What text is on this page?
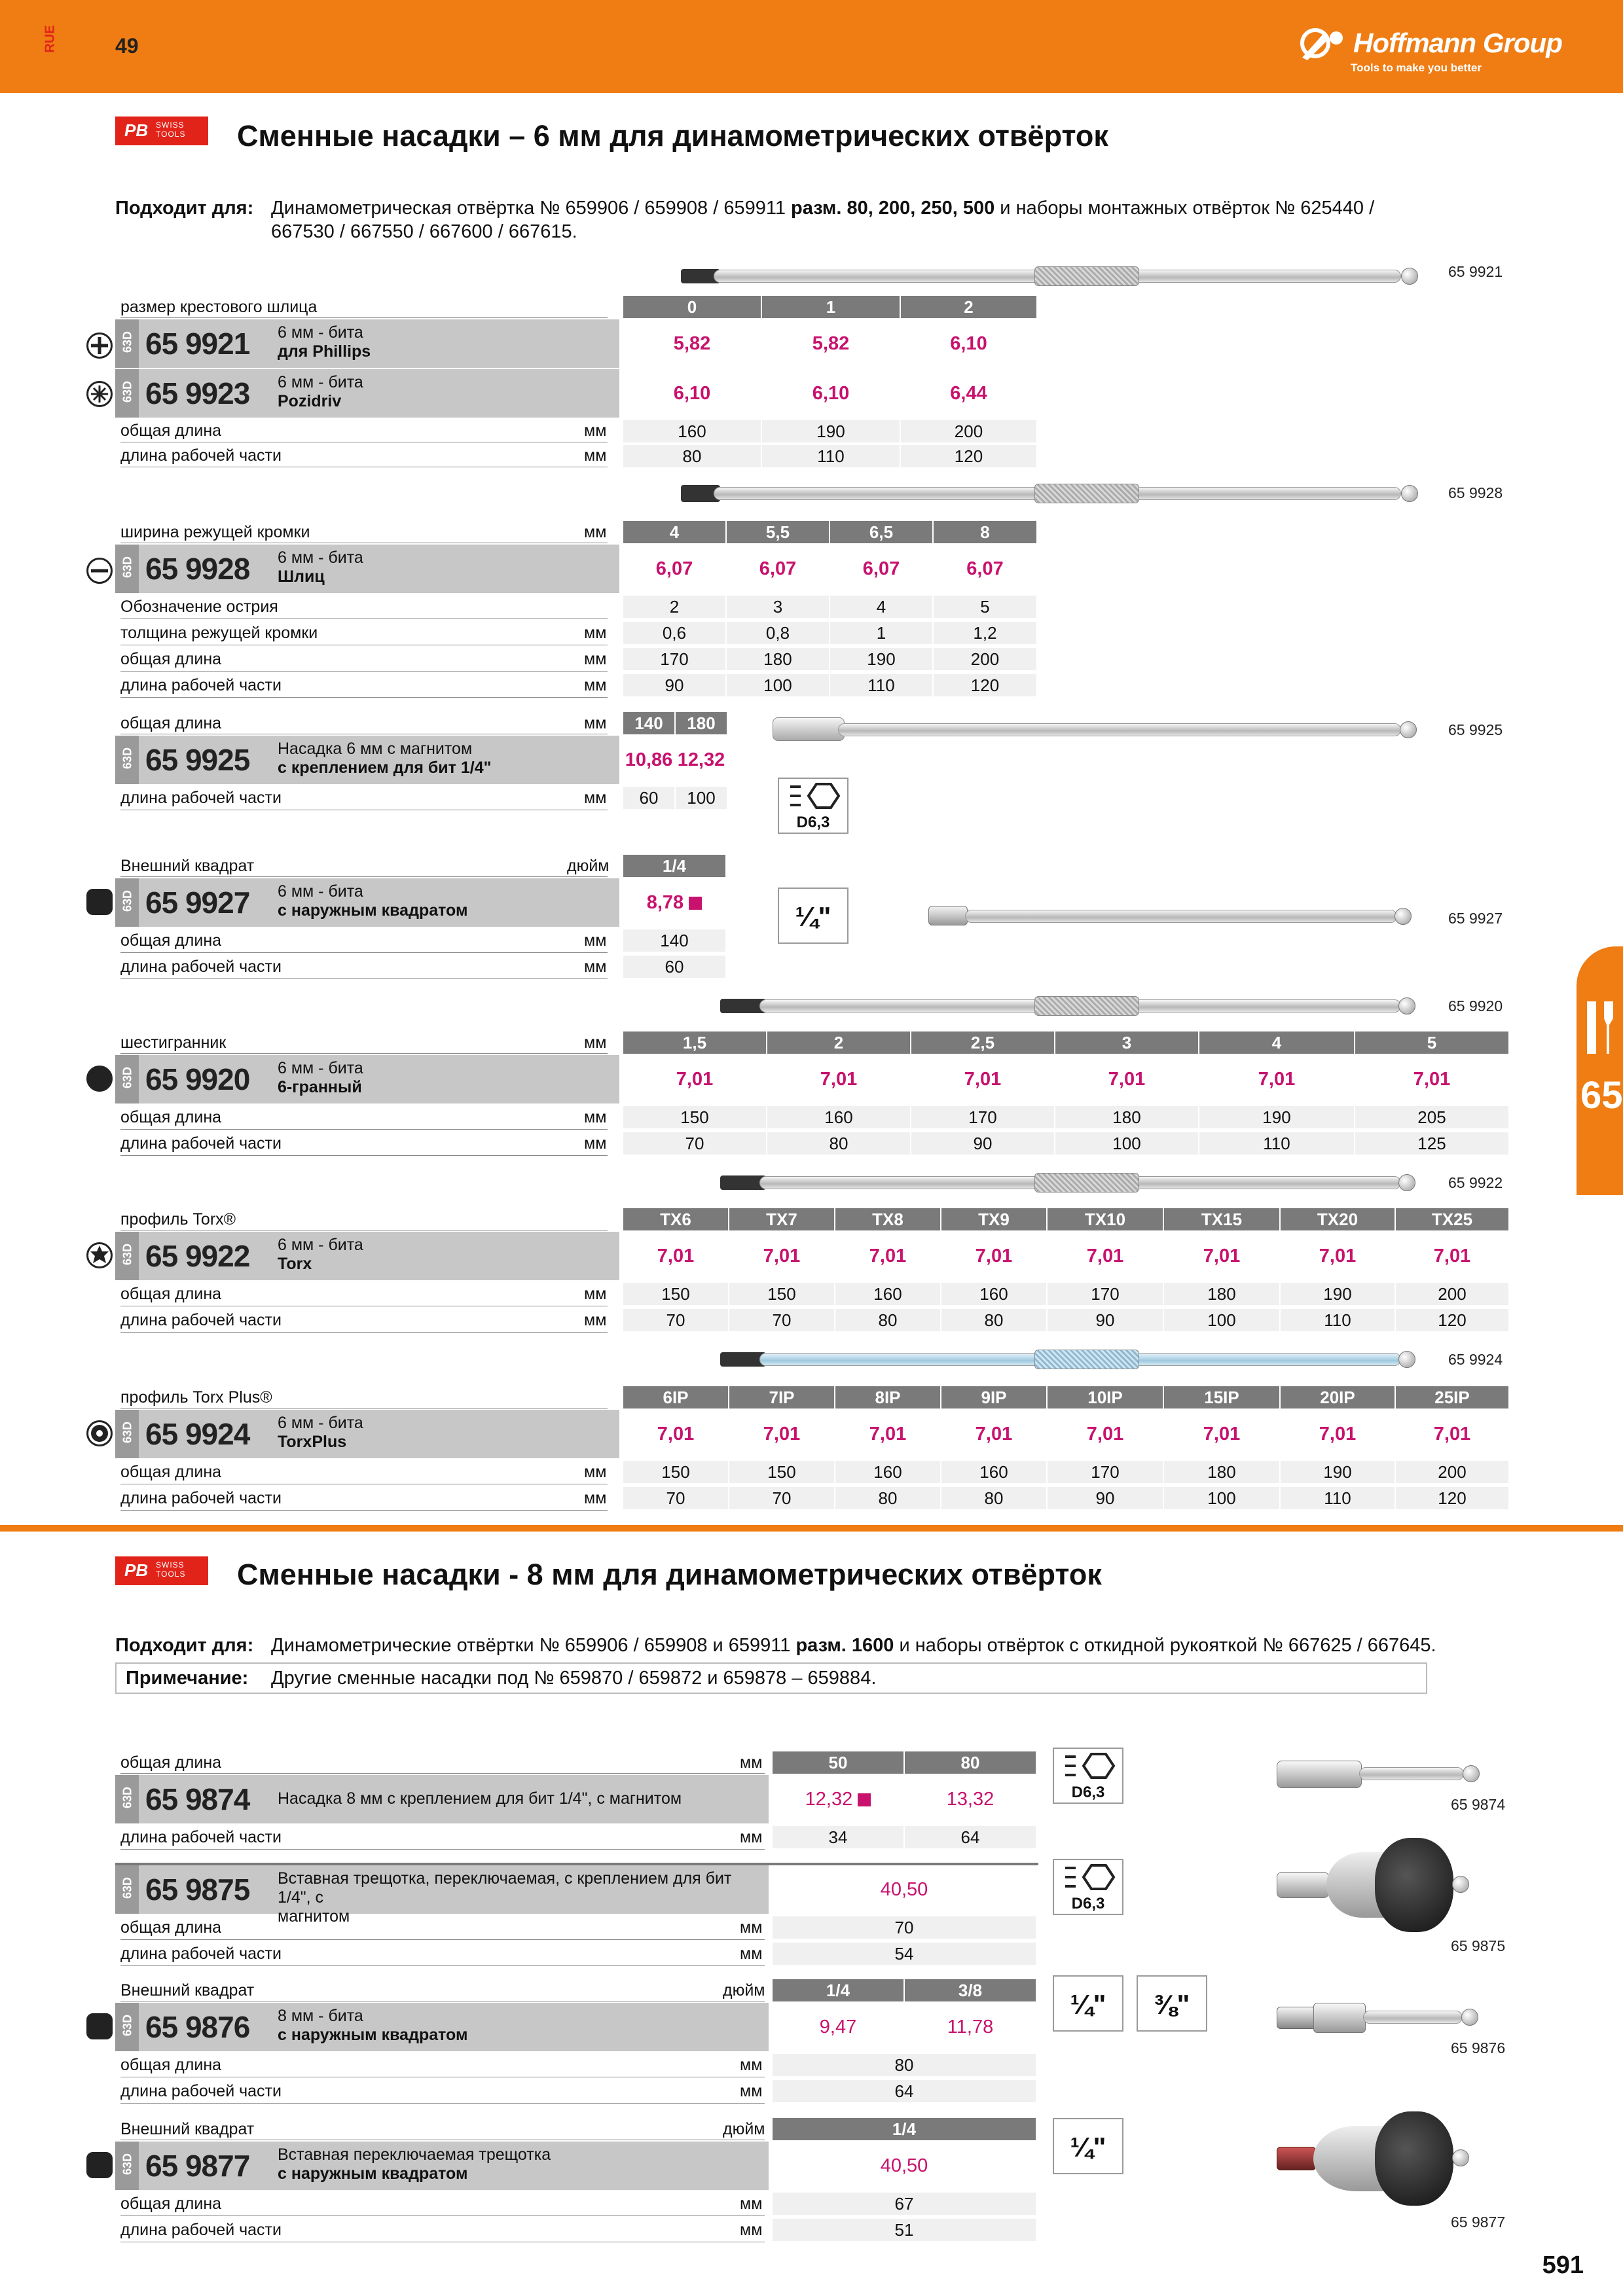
RUE	49	Hoffmann Group
Tools to make you better
65
PB SWISS TOOLS	Сменные насадки – 6 мм для динамометрических отвёрток
Подходит для: Динамометрическая отвёртка № 659906 / 659908 / 659911 разм. 80, 200, 250, 500 и наборы монтажных отвёрток № 625440 /
667530 / 667550 / 667600 / 667615.
65 9921
размер крестового шлица	0	1	2
63D 65 9921 6 мм - бита
для Phillips	5,82	5,82	6,10
63D 65 9923 6 мм - бита
Pozidriv	6,10	6,10	6,44
общая длина	мм	160	190	200
длина рабочей части	мм	80	110	120
65 9928
ширина режущей кромки	мм	4	5,5	6,5	8
63D 65 9928 6 мм - бита
Шлиц	6,07	6,07	6,07	6,07
Обозначение острия	2	3	4	5
толщина режущей кромки	мм	0,6	0,8	1	1,2
общая длина	мм	170	180	190	200
длина рабочей части	мм	90	100	110	120
65 9925
общая длина	мм	140	180
63D 65 9925 Насадка 6 мм с магнитом
с креплением для бит 1/4"	10,86 12,32
длина рабочей части	мм	60	100
D6,3
65 9927
Внешний квадрат	дюйм	1/4
63D 65 9927 6 мм - бита
с наружным квадратом	8,78
общая длина	мм	140
длина рабочей части	мм	60
¼"
65 9920
шестигранник	мм	1,5	2	2,5	3	4	5
63D 65 9920 6 мм - бита
6-гранный	7,01	7,01	7,01	7,01	7,01	7,01
общая длина	мм	150	160	170	180	190	205
длина рабочей части	мм	70	80	90	100	110	125
65 9922
профиль Torx®	TX6	TX7	TX8	TX9	TX10	TX15	TX20	TX25
63D 65 9922 6 мм - бита
Torx	7,01	7,01	7,01	7,01	7,01	7,01	7,01	7,01
общая длина	мм	150	150	160	160	170	180	190	200
длина рабочей части	мм	70	70	80	80	90	100	110	120
65 9924
профиль Torx Plus®	6IP	7IP	8IP	9IP	10IP	15IP	20IP	25IP
63D 65 9924 6 мм - бита
TorxPlus	7,01	7,01	7,01	7,01	7,01	7,01	7,01	7,01
общая длина	мм	150	150	160	160	170	180	190	200
длина рабочей части	мм	70	70	80	80	90	100	110	120
PB SWISS TOOLS	Сменные насадки - 8 мм для динамометрических отвёрток
Подходит для: Динамометрические отвёртки № 659906 / 659908 и 659911 разм. 1600 и наборы отвёрток с откидной рукояткой № 667625 / 667645.
Примечание: Другие сменные насадки под № 659870 / 659872 и 659878 – 659884.
общая длина	мм	50	80
63D 65 9874 Насадка 8 мм с креплением для бит 1/4", с магнитом	12,32	13,32
длина рабочей части	мм	34	64
D6,3
65 9874
63D 65 9875 Вставная трещотка, переключаемая, с креплением для бит 1/4", с
магнитом
40,50
общая длина	мм	70
длина рабочей части	мм	54
D6,3
65 9875
Внешний квадрат	дюйм	1/4	3/8
63D 65 9876 8 мм - бита
с наружным квадратом	9,47	11,78
общая длина	мм	80
длина рабочей части	мм	64
¼"	⅜"
65 9876
Внешний квадрат	дюйм	1/4
63D 65 9877 Вставная переключаемая трещотка
с наружным квадратом	40,50
общая длина	мм	67
длина рабочей части	мм	51
¼"
65 9877
591
